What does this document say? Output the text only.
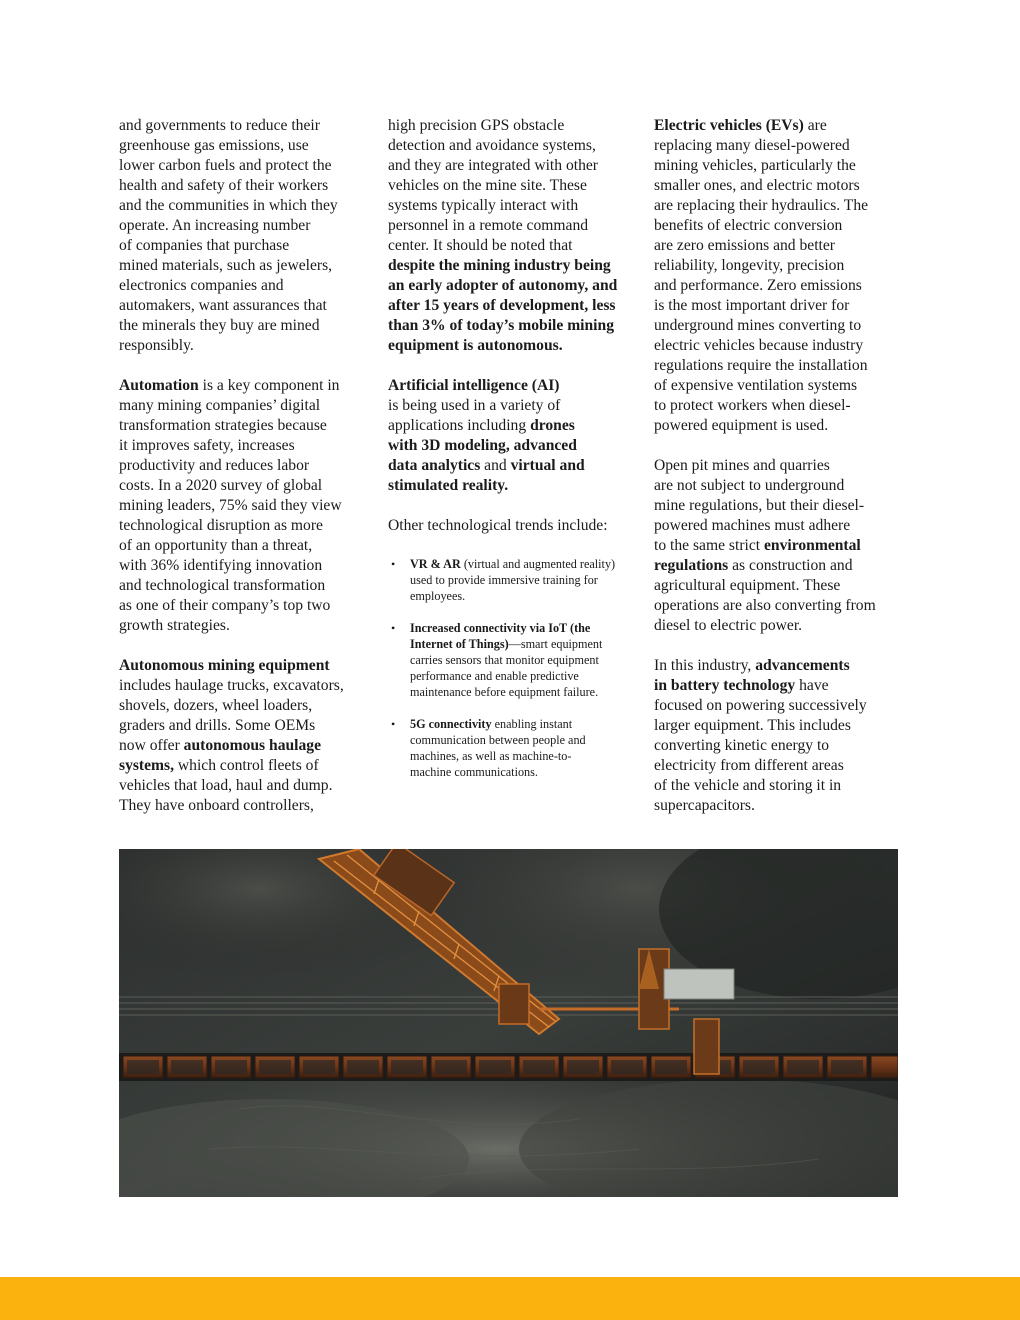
and governments to reduce their
greenhouse gas emissions, use
lower carbon fuels and protect the
health and safety of their workers
and the communities in which they
operate. An increasing number
of companies that purchase
mined materials, such as jewelers,
electronics companies and
automakers, want assurances that
the minerals they buy are mined
responsibly.

Automation is a key component in
many mining companies’ digital
transformation strategies because
it improves safety, increases
productivity and reduces labor
costs. In a 2020 survey of global
mining leaders, 75% said they view
technological disruption as more
of an opportunity than a threat,
with 36% identifying innovation
and technological transformation
as one of their company’s top two
growth strategies.

Autonomous mining equipment
includes haulage trucks, excavators,
shovels, dozers, wheel loaders,
graders and drills. Some OEMs
now offer autonomous haulage
systems, which control fleets of
vehicles that load, haul and dump.
They have onboard controllers,

high precision GPS obstacle
detection and avoidance systems,
and they are integrated with other
vehicles on the mine site. These
systems typically interact with
personnel in a remote command
center. It should be noted that
despite the mining industry being
an early adopter of autonomy, and
after 15 years of development, less
than 3% of today’s mobile mining
equipment is autonomous.

Artificial intelligence (AI)
is being used in a variety of
applications including drones
with 3D modeling, advanced
data analytics and virtual and
stimulated reality.

Other technological trends include:

• VR & AR (virtual and augmented reality)
used to provide immersive training for
employees.
• Increased connectivity via IoT (the
Internet of Things)—smart equipment
carries sensors that monitor equipment
performance and enable predictive
maintenance before equipment failure.
• 5G connectivity enabling instant
communication between people and
machines, as well as machine-to-
machine communications.

Electric vehicles (EVs) are
replacing many diesel-powered
mining vehicles, particularly the
smaller ones, and electric motors
are replacing their hydraulics. The
benefits of electric conversion
are zero emissions and better
reliability, longevity, precision
and performance. Zero emissions
is the most important driver for
underground mines converting to
electric vehicles because industry
regulations require the installation
of expensive ventilation systems
to protect workers when diesel-
powered equipment is used.

Open pit mines and quarries
are not subject to underground
mine regulations, but their diesel-
powered machines must adhere
to the same strict environmental
regulations as construction and
agricultural equipment. These
operations are also converting from
diesel to electric power.

In this industry, advancements
in battery technology have
focused on powering successively
larger equipment. This includes
converting kinetic energy to
electricity from different areas
of the vehicle and storing it in
supercapacitors.
